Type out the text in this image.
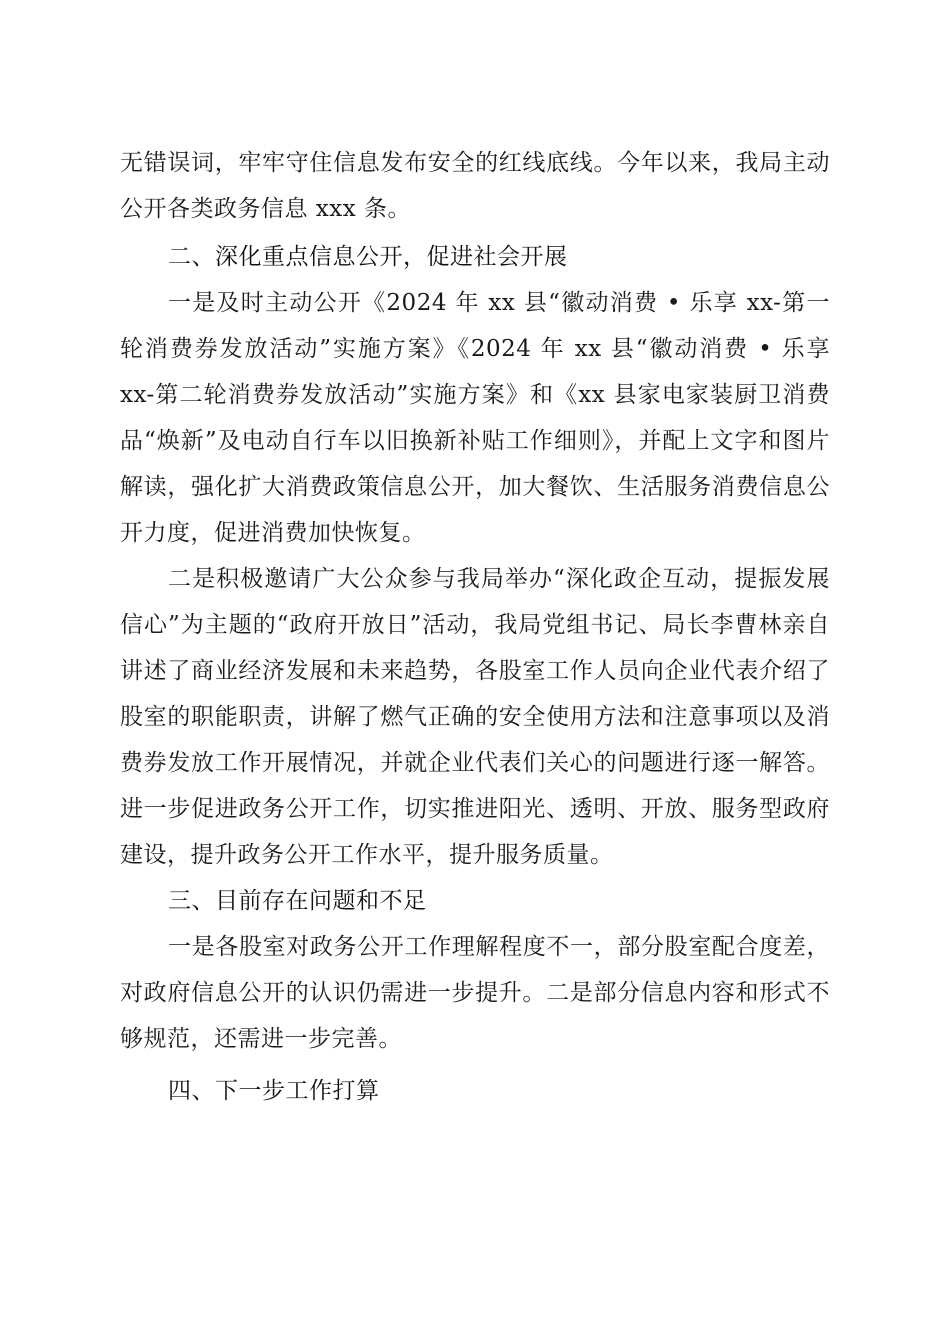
无错误词，牢牢守住信息发布安全的红线底线。今年以来，我局主动公开各类政务信息 xxx 条。

二、深化重点信息公开，促进社会开展

一是及时主动公开《2024 年 xx 县“徽动消费 • 乐享 xx-第一轮消费券发放活动”实施方案》《2024 年 xx 县“徽动消费 • 乐享 xx-第二轮消费券发放活动”实施方案》和《xx 县家电家装厨卫消费品“焕新”及电动自行车以旧换新补贴工作细则》，并配上文字和图片解读，强化扩大消费政策信息公开，加大餐饮、生活服务消费信息公开力度，促进消费加快恢复。

二是积极邀请广大公众参与我局举办“深化政企互动，提振发展信心”为主题的“政府开放日”活动，我局党组书记、局长李曹林亲自讲述了商业经济发展和未来趋势，各股室工作人员向企业代表介绍了股室的职能职责，讲解了燃气正确的安全使用方法和注意事项以及消费券发放工作开展情况，并就企业代表们关心的问题进行逐一解答。进一步促进政务公开工作，切实推进阳光、透明、开放、服务型政府建设，提升政务公开工作水平，提升服务质量。

三、目前存在问题和不足

一是各股室对政务公开工作理解程度不一，部分股室配合度差，对政府信息公开的认识仍需进一步提升。二是部分信息内容和形式不够规范，还需进一步完善。

四、下一步工作打算
